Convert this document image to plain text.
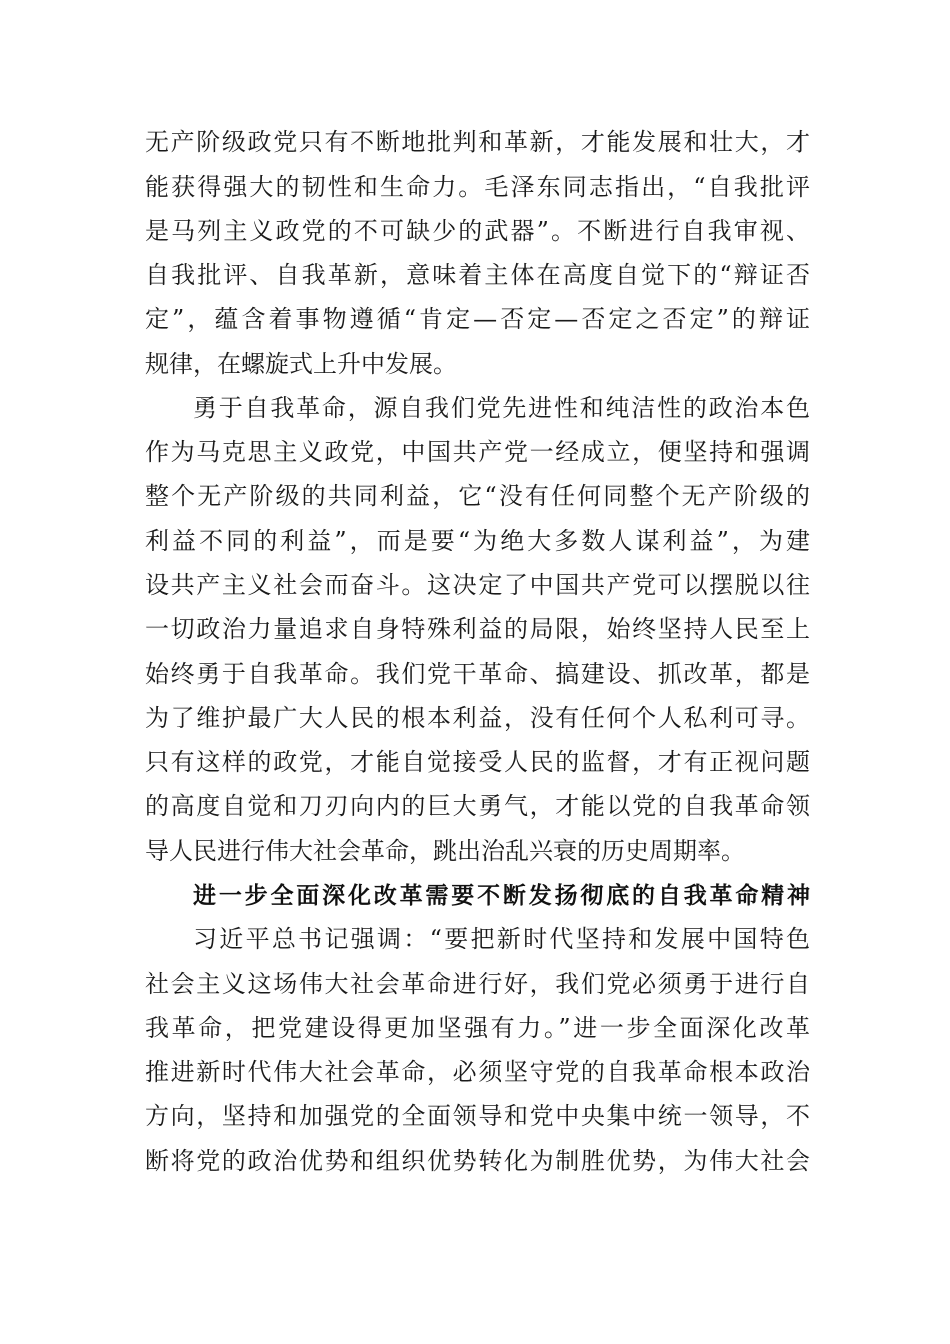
无产阶级政党只有不断地批判和革新，才能发展和壮大，才
能获得强大的韧性和生命力。毛泽东同志指出，“自我批评
是马列主义政党的不可缺少的武器”。不断进行自我审视、
自我批评、自我革新，意味着主体在高度自觉下的“辩证否
定”，蕴含着事物遵循“肯定—否定—否定之否定”的辩证
规律，在螺旋式上升中发展。
勇于自我革命，源自我们党先进性和纯洁性的政治本色
作为马克思主义政党，中国共产党一经成立，便坚持和强调
整个无产阶级的共同利益，它“没有任何同整个无产阶级的
利益不同的利益”，而是要“为绝大多数人谋利益”，为建
设共产主义社会而奋斗。这决定了中国共产党可以摆脱以往
一切政治力量追求自身特殊利益的局限，始终坚持人民至上
始终勇于自我革命。我们党干革命、搞建设、抓改革，都是
为了维护最广大人民的根本利益，没有任何个人私利可寻。
只有这样的政党，才能自觉接受人民的监督，才有正视问题
的高度自觉和刀刃向内的巨大勇气，才能以党的自我革命领
导人民进行伟大社会革命，跳出治乱兴衰的历史周期率。
进一步全面深化改革需要不断发扬彻底的自我革命精神
习近平总书记强调：“要把新时代坚持和发展中国特色
社会主义这场伟大社会革命进行好，我们党必须勇于进行自
我革命，把党建设得更加坚强有力。”进一步全面深化改革
推进新时代伟大社会革命，必须坚守党的自我革命根本政治
方向，坚持和加强党的全面领导和党中央集中统一领导，不
断将党的政治优势和组织优势转化为制胜优势，为伟大社会
